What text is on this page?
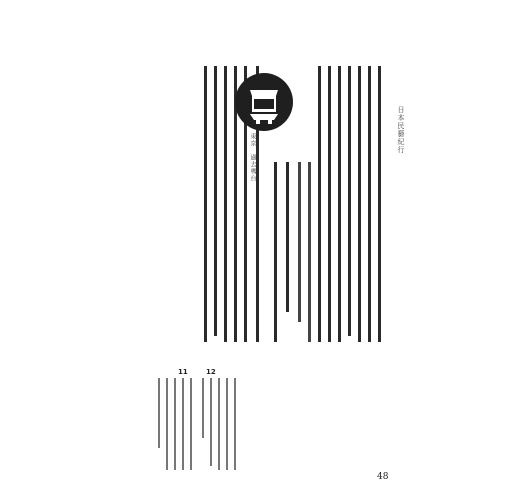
日本民藝紀行
東京　過去嗎台
12
11
48
